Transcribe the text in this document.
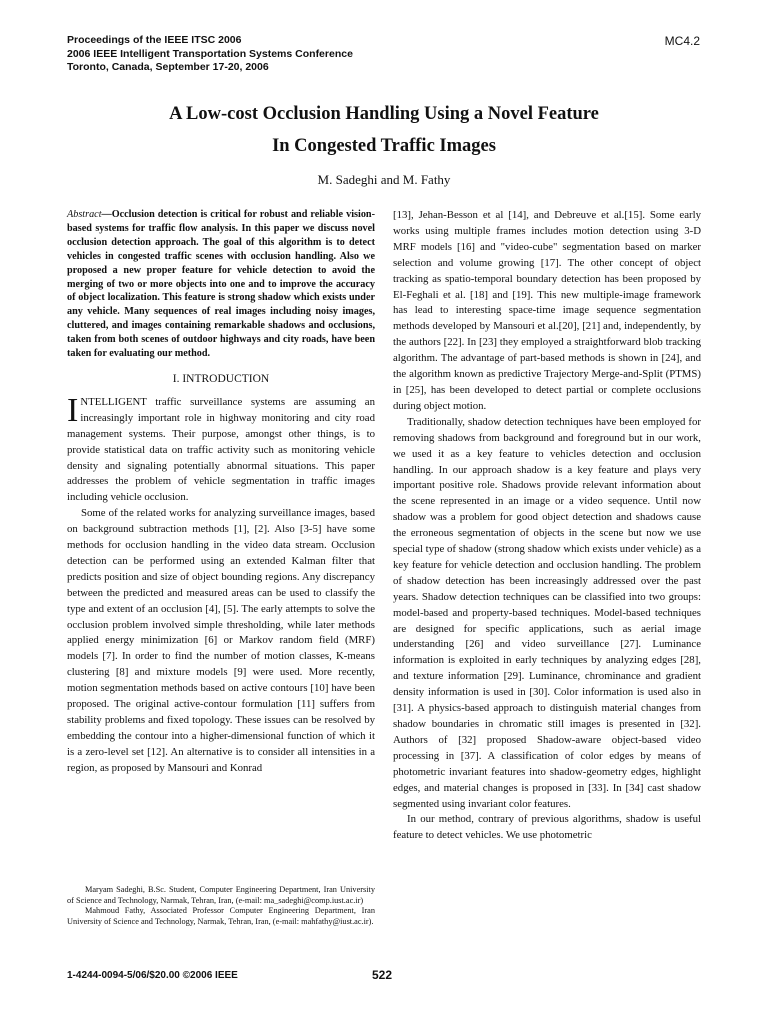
Proceedings of the IEEE ITSC 2006
2006 IEEE Intelligent Transportation Systems Conference
Toronto, Canada, September 17-20, 2006
MC4.2
A Low-cost Occlusion Handling Using a Novel Feature
In Congested Traffic Images
M. Sadeghi and M. Fathy

Abstract—Occlusion detection is critical for robust and reliable vision-based systems for traffic flow analysis. In this paper we discuss novel occlusion detection approach. The goal of this algorithm is to detect vehicles in congested traffic scenes with occlusion handling. Also we proposed a new proper feature for vehicle detection to avoid the merging of two or more objects into one and to improve the accuracy of object localization. This feature is strong shadow which exists under any vehicle. Many sequences of real images including noisy images, cluttered, and images containing remarkable shadows and occlusions, taken from both scenes of outdoor highways and city roads, have been taken for evaluating our method.

I. INTRODUCTION

INTELLIGENT traffic surveillance systems are assuming an increasingly important role in highway monitoring and city road management systems. Their purpose, amongst other things, is to provide statistical data on traffic activity such as monitoring vehicle density and signaling potentially abnormal situations. This paper addresses the problem of vehicle segmentation in traffic images including vehicle occlusion.

Some of the related works for analyzing surveillance images, based on background subtraction methods [1], [2]. Also [3-5] have some methods for occlusion handling in the video data stream. Occlusion detection can be performed using an extended Kalman filter that predicts position and size of object bounding regions. Any discrepancy between the predicted and measured areas can be used to classify the type and extent of an occlusion [4], [5]. The early attempts to solve the occlusion problem involved simple thresholding, while later methods applied energy minimization [6] or Markov random field (MRF) models [7]. In order to find the number of motion classes, K-means clustering [8] and mixture models [9] were used. More recently, motion segmentation methods based on active contours [10] have been proposed. The original active-contour formulation [11] suffers from stability problems and fixed topology. These issues can be resolved by embedding the contour into a higher-dimensional function of which it is a zero-level set [12]. An alternative is to consider all intensities in a region, as proposed by Mansouri and Konrad

[13], Jehan-Besson et al [14], and Debreuve et al.[15]. Some early works using multiple frames includes motion detection using 3-D MRF models [16] and "video-cube" segmentation based on marker selection and volume growing [17]. The other concept of object tracking as spatio-temporal boundary detection has been proposed by El-Feghali et al. [18] and [19]. This new multiple-image framework has lead to interesting space-time image sequence segmentation methods developed by Mansouri et al.[20], [21] and, independently, by the authors [22]. In [23] they employed a straightforward blob tracking algorithm. The advantage of part-based methods is shown in [24], and the algorithm known as predictive Trajectory Merge-and-Split (PTMS) in [25], has been developed to detect partial or complete occlusions during object motion.

Traditionally, shadow detection techniques have been employed for removing shadows from background and foreground but in our work, we used it as a key feature to vehicles detection and occlusion handling. In our approach shadow is a key feature and plays very important positive role. Shadows provide relevant information about the scene represented in an image or a video sequence. Until now shadow was a problem for good object detection and shadows cause the erroneous segmentation of objects in the scene but now we use special type of shadow (strong shadow which exists under vehicle) as a key feature for vehicle detection and occlusion handling. The problem of shadow detection has been increasingly addressed over the past years. Shadow detection techniques can be classified into two groups: model-based and property-based techniques. Model-based techniques are designed for specific applications, such as aerial image understanding [26] and video surveillance [27]. Luminance information is exploited in early techniques by analyzing edges [28], and texture information [29]. Luminance, chrominance and gradient density information is used in [30]. Color information is used also in [31]. A physics-based approach to distinguish material changes from shadow boundaries in chromatic still images is presented in [32]. Authors of [32] proposed Shadow-aware object-based video processing in [37]. A classification of color edges by means of photometric invariant features into shadow-geometry edges, highlight edges, and material changes is proposed in [33]. In [34] cast shadow segmented using invariant color features.

In our method, contrary of previous algorithms, shadow is useful feature to detect vehicles. We use photometric

Maryam Sadeghi, B.Sc. Student, Computer Engineering Department, Iran University of Science and Technology, Narmak, Tehran, Iran, (e-mail: ma_sadeghi@comp.iust.ac.ir)

Mahmoud Fathy, Associated Professor Computer Engineering Department, Iran University of Science and Technology, Narmak, Tehran, Iran, (e-mail: mahfathy@iust.ac.ir).

1-4244-0094-5/06/$20.00 ©2006 IEEE	522
